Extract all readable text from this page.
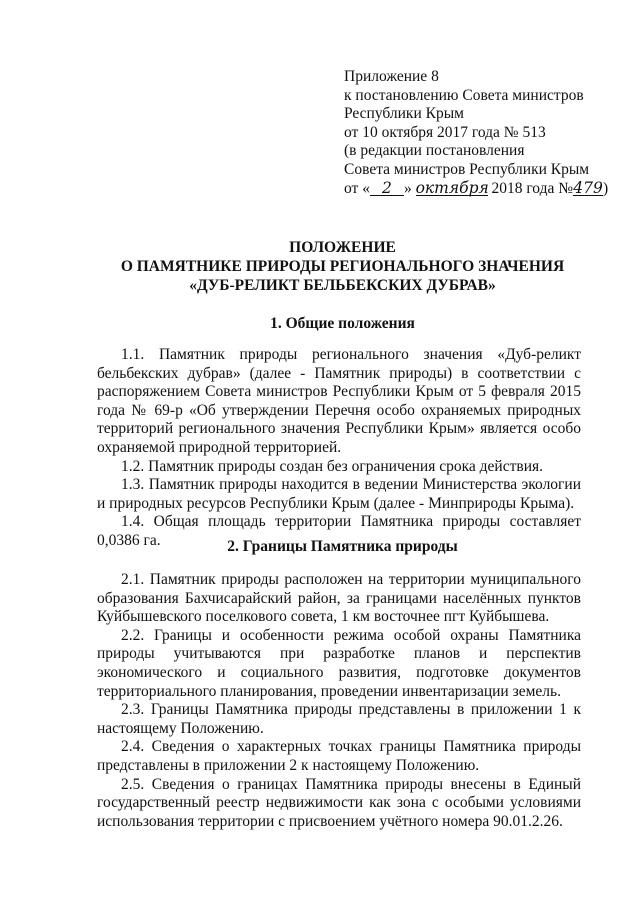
Приложение 8
к постановлению Совета министров
Республики Крым
от 10 октября 2017 года № 513
(в редакции постановления
Совета министров Республики Крым
от « 2 » октября 2018 года №479)
ПОЛОЖЕНИЕ
О ПАМЯТНИКЕ ПРИРОДЫ РЕГИОНАЛЬНОГО ЗНАЧЕНИЯ
«ДУБ-РЕЛИКТ БЕЛЬБЕКСКИХ ДУБРАВ»
1. Общие положения

1.1. Памятник природы регионального значения «Дуб-реликт бельбекских дубрав» (далее - Памятник природы) в соответствии с распоряжением Совета министров Республики Крым от 5 февраля 2015 года № 69-р «Об утверждении Перечня особо охраняемых природных территорий регионального значения Республики Крым» является особо охраняемой природной территорией.

1.2. Памятник природы создан без ограничения срока действия.

1.3. Памятник природы находится в ведении Министерства экологии и природных ресурсов Республики Крым (далее - Минприроды Крыма).

1.4. Общая площадь территории Памятника природы составляет 0,0386 га.	2. Границы Памятника природы

2.1. Памятник природы расположен на территории муниципального образования Бахчисарайский район, за границами населённых пунктов Куйбышевского поселкового совета, 1 км восточнее пгт Куйбышева.

2.2. Границы и особенности режима особой охраны Памятника природы учитываются при разработке планов и перспектив экономического и социального развития, подготовке документов территориального планирования, проведении инвентаризации земель.

2.3. Границы Памятника природы представлены в приложении 1 к настоящему Положению.

2.4. Сведения о характерных точках границы Памятника природы представлены в приложении 2 к настоящему Положению.

2.5. Сведения о границах Памятника природы внесены в Единый государственный реестр недвижимости как зона с особыми условиями использования территории с присвоением учётного номера 90.01.2.26.
